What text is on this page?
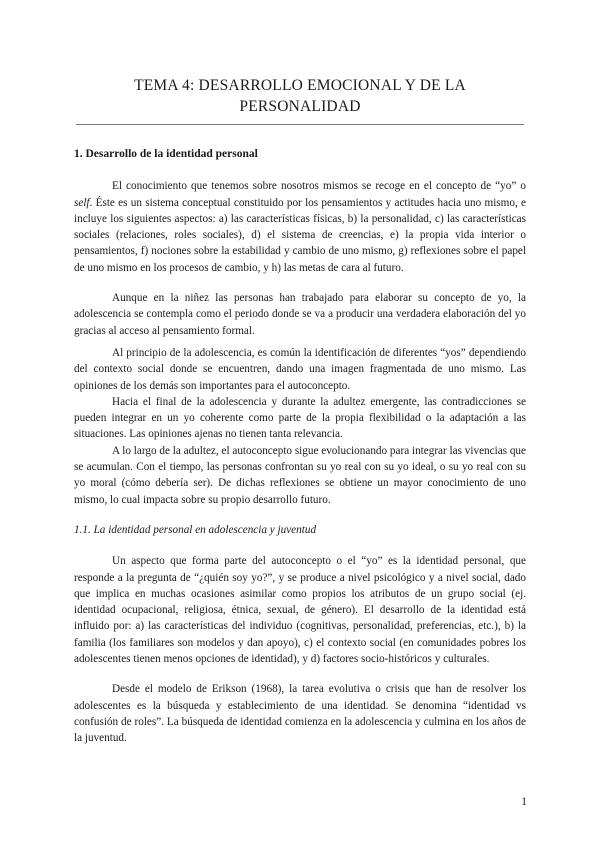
TEMA 4: DESARROLLO EMOCIONAL Y DE LA PERSONALIDAD

1. Desarrollo de la identidad personal

El conocimiento que tenemos sobre nosotros mismos se recoge en el concepto de “yo” o self. Éste es un sistema conceptual constituido por los pensamientos y actitudes hacia uno mismo, e incluye los siguientes aspectos: a) las características físicas, b) la personalidad, c) las características sociales (relaciones, roles sociales), d) el sistema de creencias, e) la propia vida interior o pensamientos, f) nociones sobre la estabilidad y cambio de uno mismo, g) reflexiones sobre el papel de uno mismo en los procesos de cambio, y h) las metas de cara al futuro.

Aunque en la niñez las personas han trabajado para elaborar su concepto de yo, la adolescencia se contempla como el periodo donde se va a producir una verdadera elaboración del yo gracias al acceso al pensamiento formal.

Al principio de la adolescencia, es común la identificación de diferentes “yos” dependiendo del contexto social donde se encuentren, dando una imagen fragmentada de uno mismo. Las opiniones de los demás son importantes para el autoconcepto.

Hacia el final de la adolescencia y durante la adultez emergente, las contradicciones se pueden integrar en un yo coherente como parte de la propia flexibilidad o la adaptación a las situaciones. Las opiniones ajenas no tienen tanta relevancia.

A lo largo de la adultez, el autoconcepto sigue evolucionando para integrar las vivencias que se acumulan. Con el tiempo, las personas confrontan su yo real con su yo ideal, o su yo real con su yo moral (cómo debería ser). De dichas reflexiones se obtiene un mayor conocimiento de uno mismo, lo cual impacta sobre su propio desarrollo futuro.

1.1. La identidad personal en adolescencia y juventud

Un aspecto que forma parte del autoconcepto o el “yo” es la identidad personal, que responde a la pregunta de “¿quién soy yo?”, y se produce a nivel psicológico y a nivel social, dado que implica en muchas ocasiones asimilar como propios los atributos de un grupo social (ej. identidad ocupacional, religiosa, étnica, sexual, de género). El desarrollo de la identidad está influido por: a) las características del individuo (cognitivas, personalidad, preferencias, etc.), b) la familia (los familiares son modelos y dan apoyo), c) el contexto social (en comunidades pobres los adolescentes tienen menos opciones de identidad), y d) factores socio-históricos y culturales.

Desde el modelo de Erikson (1968), la tarea evolutiva o crisis que han de resolver los adolescentes es la búsqueda y establecimiento de una identidad. Se denomina “identidad vs confusión de roles”. La búsqueda de identidad comienza en la adolescencia y culmina en los años de la juventud.

1
